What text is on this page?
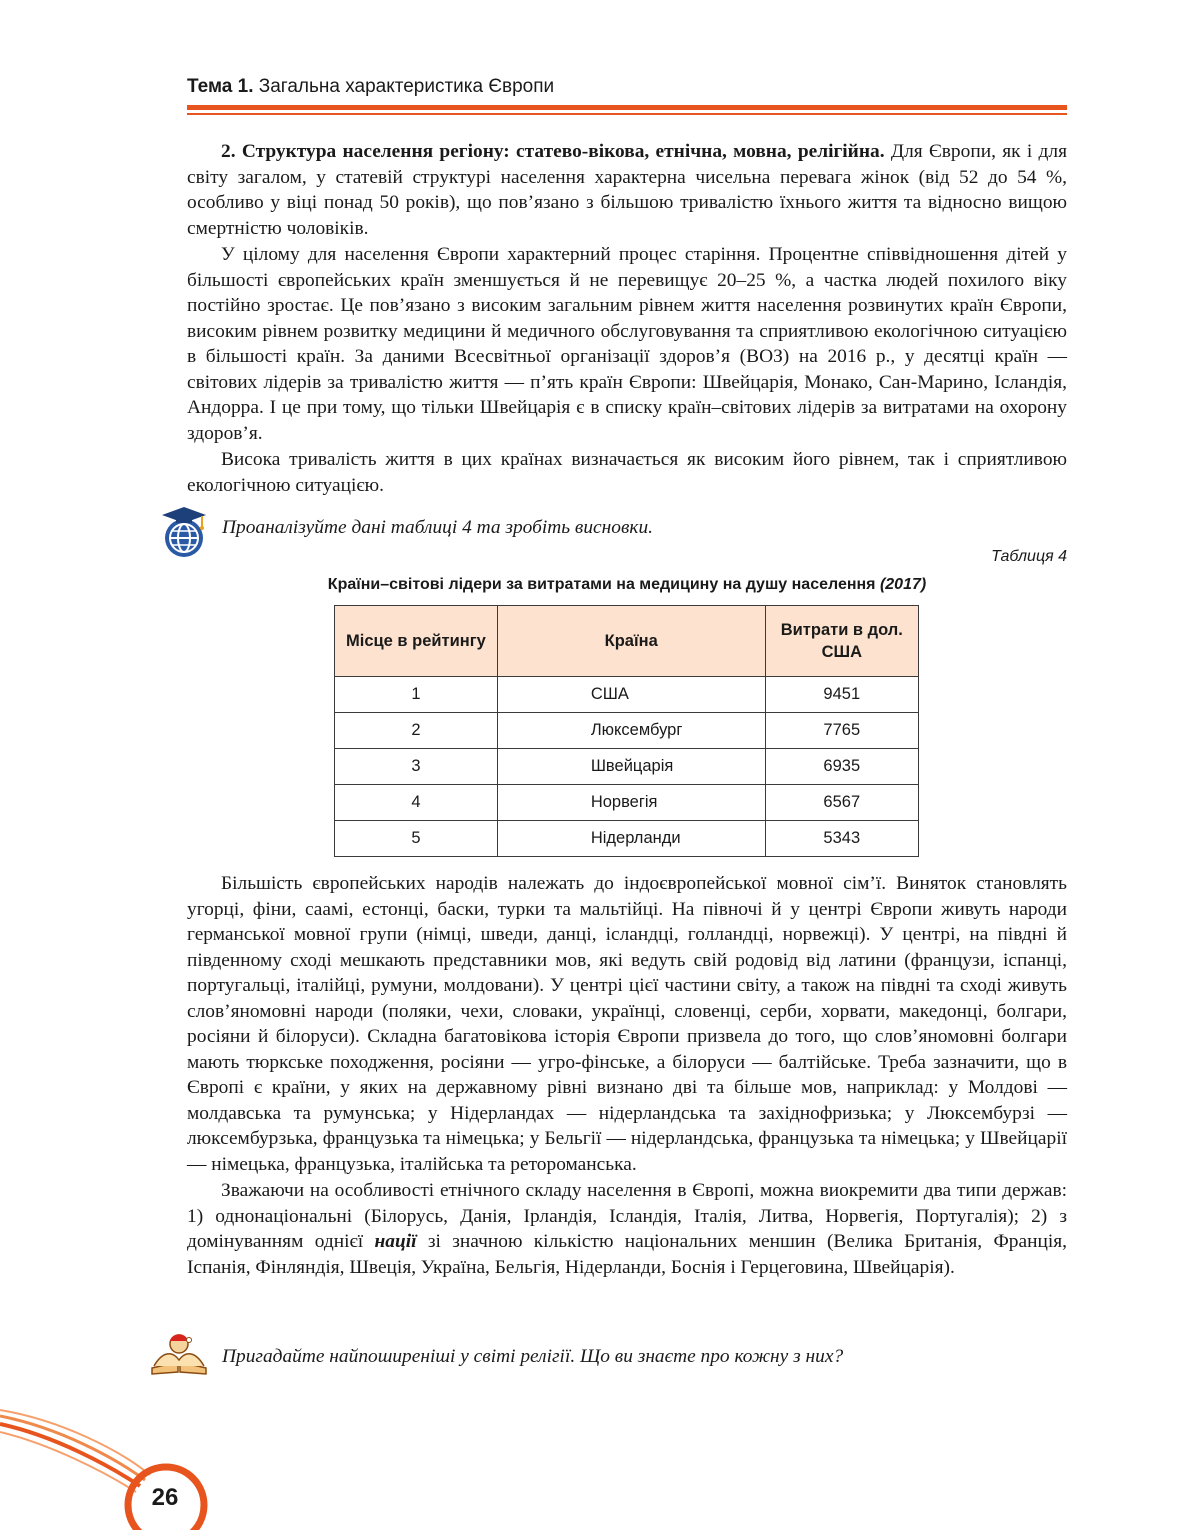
Тема 1. Загальна характеристика Європи

2. Структура населення регіону: статево-вікова, етнічна, мовна, релігійна. Для Європи, як і для світу загалом, у статевій структурі населення характерна чисельна перевага жінок (від 52 до 54 %, особливо у віці понад 50 років), що пов’язано з більшою тривалістю їхнього життя та відносно вищою смертністю чоловіків.

У цілому для населення Європи характерний процес старіння. Процентне співвідношення дітей у більшості європейських країн зменшується й не перевищує 20–25 %, а частка людей похилого віку постійно зростає. Це пов’язано з високим загальним рівнем життя населення розвинутих країн Європи, високим рівнем розвитку медицини й медичного обслуговування та сприятливою екологічною ситуацією в більшості країн. За даними Всесвітньої організації здоров’я (ВОЗ) на 2016 р., у десятці країн — світових лідерів за тривалістю життя — п’ять країн Європи: Швейцарія, Монако, Сан-Марино, Ісландія, Андорра. І це при тому, що тільки Швейцарія є в списку країн–світових лідерів за витратами на охорону здоров’я.

Висока тривалість життя в цих країнах визначається як високим його рівнем, так і сприятливою екологічною ситуацією.

Проаналізуйте дані таблиці 4 та зробіть висновки.
Таблиця 4
Країни–світові лідери за витратами на медицину на душу населення (2017)
Місце в рейтингу	Країна	Витрати в дол. США
1	США	9451
2	Люксембург	7765
3	Швейцарія	6935
4	Норвегія	6567
5	Нідерланди	5343

Більшість європейських народів належать до індоєвропейської мовної сім’ї. Виняток становлять угорці, фіни, саамі, естонці, баски, турки та мальтійці. На півночі й у центрі Європи живуть народи германської мовної групи (німці, шведи, данці, ісландці, голландці, норвежці). У центрі, на півдні й південному сході мешкають представники мов, які ведуть свій родовід від латини (французи, іспанці, португальці, італійці, румуни, молдовани). У центрі цієї частини світу, а також на півдні та сході живуть слов’яномовні народи (поляки, чехи, словаки, українці, словенці, серби, хорвати, македонці, болгари, росіяни й білоруси). Складна багатовікова історія Європи призвела до того, що слов’яномовні болгари мають тюркське походження, росіяни — угро-фінське, а білоруси — балтійське. Треба зазначити, що в Європі є країни, у яких на державному рівні визнано дві та більше мов, наприклад: у Молдові — молдавська та румунська; у Нідерландах — нідерландська та західнофризька; у Люксембурзі — люксембурзька, французька та німецька; у Бельгії — нідерландська, французька та німецька; у Швейцарії — німецька, французька, італійська та ретороманська.

Зважаючи на особливості етнічного складу населення в Європі, можна виокремити два типи держав: 1) однонаціональні (Білорусь, Данія, Ірландія, Ісландія, Італія, Литва, Норвегія, Португалія); 2) з домінуванням однієї нації зі значною кількістю національних меншин (Велика Британія, Франція, Іспанія, Фінляндія, Швеція, Україна, Бельгія, Нідерланди, Боснія і Герцеговина, Швейцарія).

Пригадайте найпоширеніші у світі релігії. Що ви знаєте про кожну з них?
26
